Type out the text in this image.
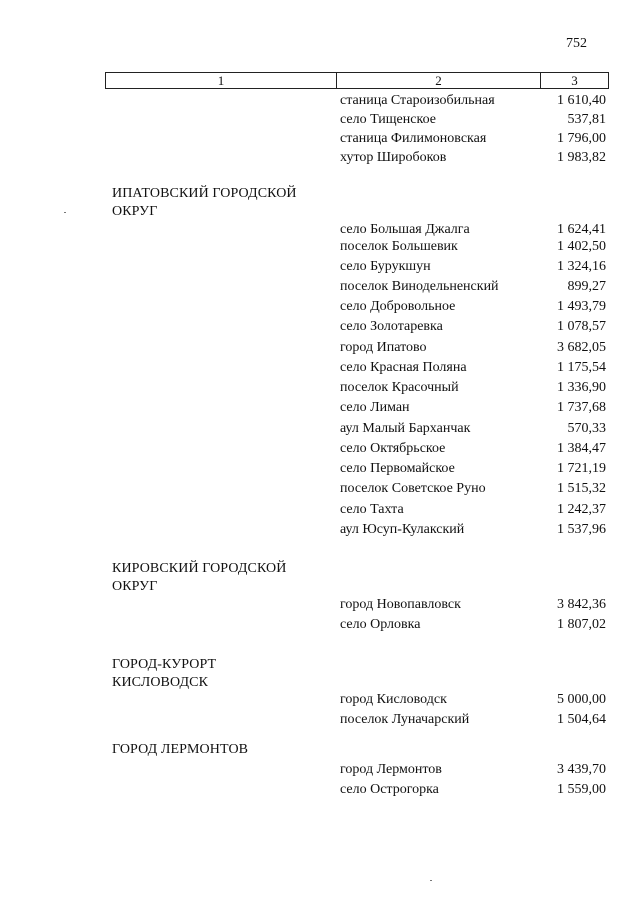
752
1	2	3
станица Староизобильная	1 610,40
село Тищенское	537,81
станица Филимоновская	1 796,00
хутор Широбоков	1 983,82
ИПАТОВСКИЙ ГОРОДСКОЙ
ОКРУГ
село Большая Джалга	1 624,41
поселок Большевик	1 402,50
село Бурукшун	1 324,16
поселок Винодельненский	899,27
село Добровольное	1 493,79
село Золотаревка	1 078,57
город Ипатово	3 682,05
село Красная Поляна	1 175,54
поселок Красочный	1 336,90
село Лиман	1 737,68
аул Малый Барханчак	570,33
село Октябрьское	1 384,47
село Первомайское	1 721,19
поселок Советское Руно	1 515,32
село Тахта	1 242,37
аул Юсуп-Кулакский	1 537,96
КИРОВСКИЙ ГОРОДСКОЙ
ОКРУГ
город Новопавловск	3 842,36
село Орловка	1 807,02
ГОРОД-КУРОРТ
КИСЛОВОДСК
город Кисловодск	5 000,00
поселок Луначарский	1 504,64
ГОРОД ЛЕРМОНТОВ
город Лермонтов	3 439,70
село Острогорка	1 559,00
